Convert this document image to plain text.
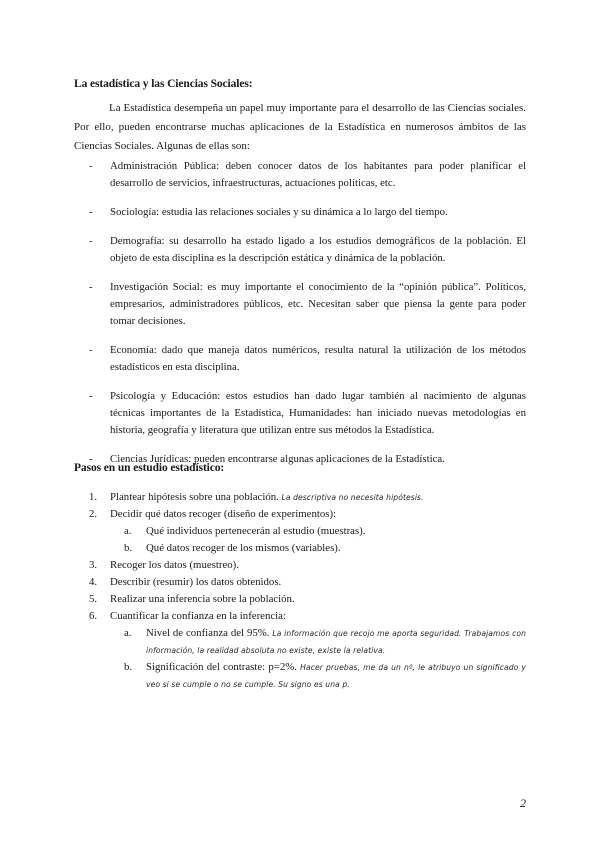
La estadística y las Ciencias Sociales:

La Estadística desempeña un papel muy importante para el desarrollo de las Ciencias sociales. Por ello, pueden encontrarse muchas aplicaciones de la Estadística en numerosos ámbitos de las Ciencias Sociales. Algunas de ellas son:

- Administración Pública: deben conocer datos de los habitantes para poder planificar el desarrollo de servicios, infraestructuras, actuaciones políticas, etc.
- Sociología: estudia las relaciones sociales y su dinámica a lo largo del tiempo.
- Demografía: su desarrollo ha estado ligado a los estudios demográficos de la población. El objeto de esta disciplina es la descripción estática y dinámica de la población.
- Investigación Social: es muy importante el conocimiento de la “opinión pública”. Políticos, empresarios, administradores públicos, etc. Necesitan saber que piensa la gente para poder tomar decisiones.
- Economía: dado que maneja datos numéricos, resulta natural la utilización de los métodos estadísticos en esta disciplina.
- Psicología y Educación: estos estudios han dado lugar también al nacimiento de algunas técnicas importantes de la Estadística, Humanidades: han iniciado nuevas metodologías en historia, geografía y literatura que utilizan entre sus métodos la Estadística.
- Ciencias Jurídicas: pueden encontrarse algunas aplicaciones de la Estadística.
Pasos en un estudio estadístico:
1. Plantear hipótesis sobre una población. La descriptiva no necesita hipótesis.
2. Decidir qué datos recoger (diseño de experimentos):
a. Qué individuos pertenecerán al estudio (muestras).
b. Qué datos recoger de los mismos (variables).
3. Recoger los datos (muestreo).
4. Describir (resumir) los datos obtenidos.
5. Realizar una inferencia sobre la población.
6. Cuantificar la confianza en la inferencia:
a. Nivel de confianza del 95%. La información que recojo me aporta seguridad. Trabajamos con información, la realidad absoluta no existe, existe la relativa.
b. Significación del contraste: p=2%. Hacer pruebas, me da un nº, le atribuyo un significado y veo si se cumple o no se cumple. Su signo es una p.
2
